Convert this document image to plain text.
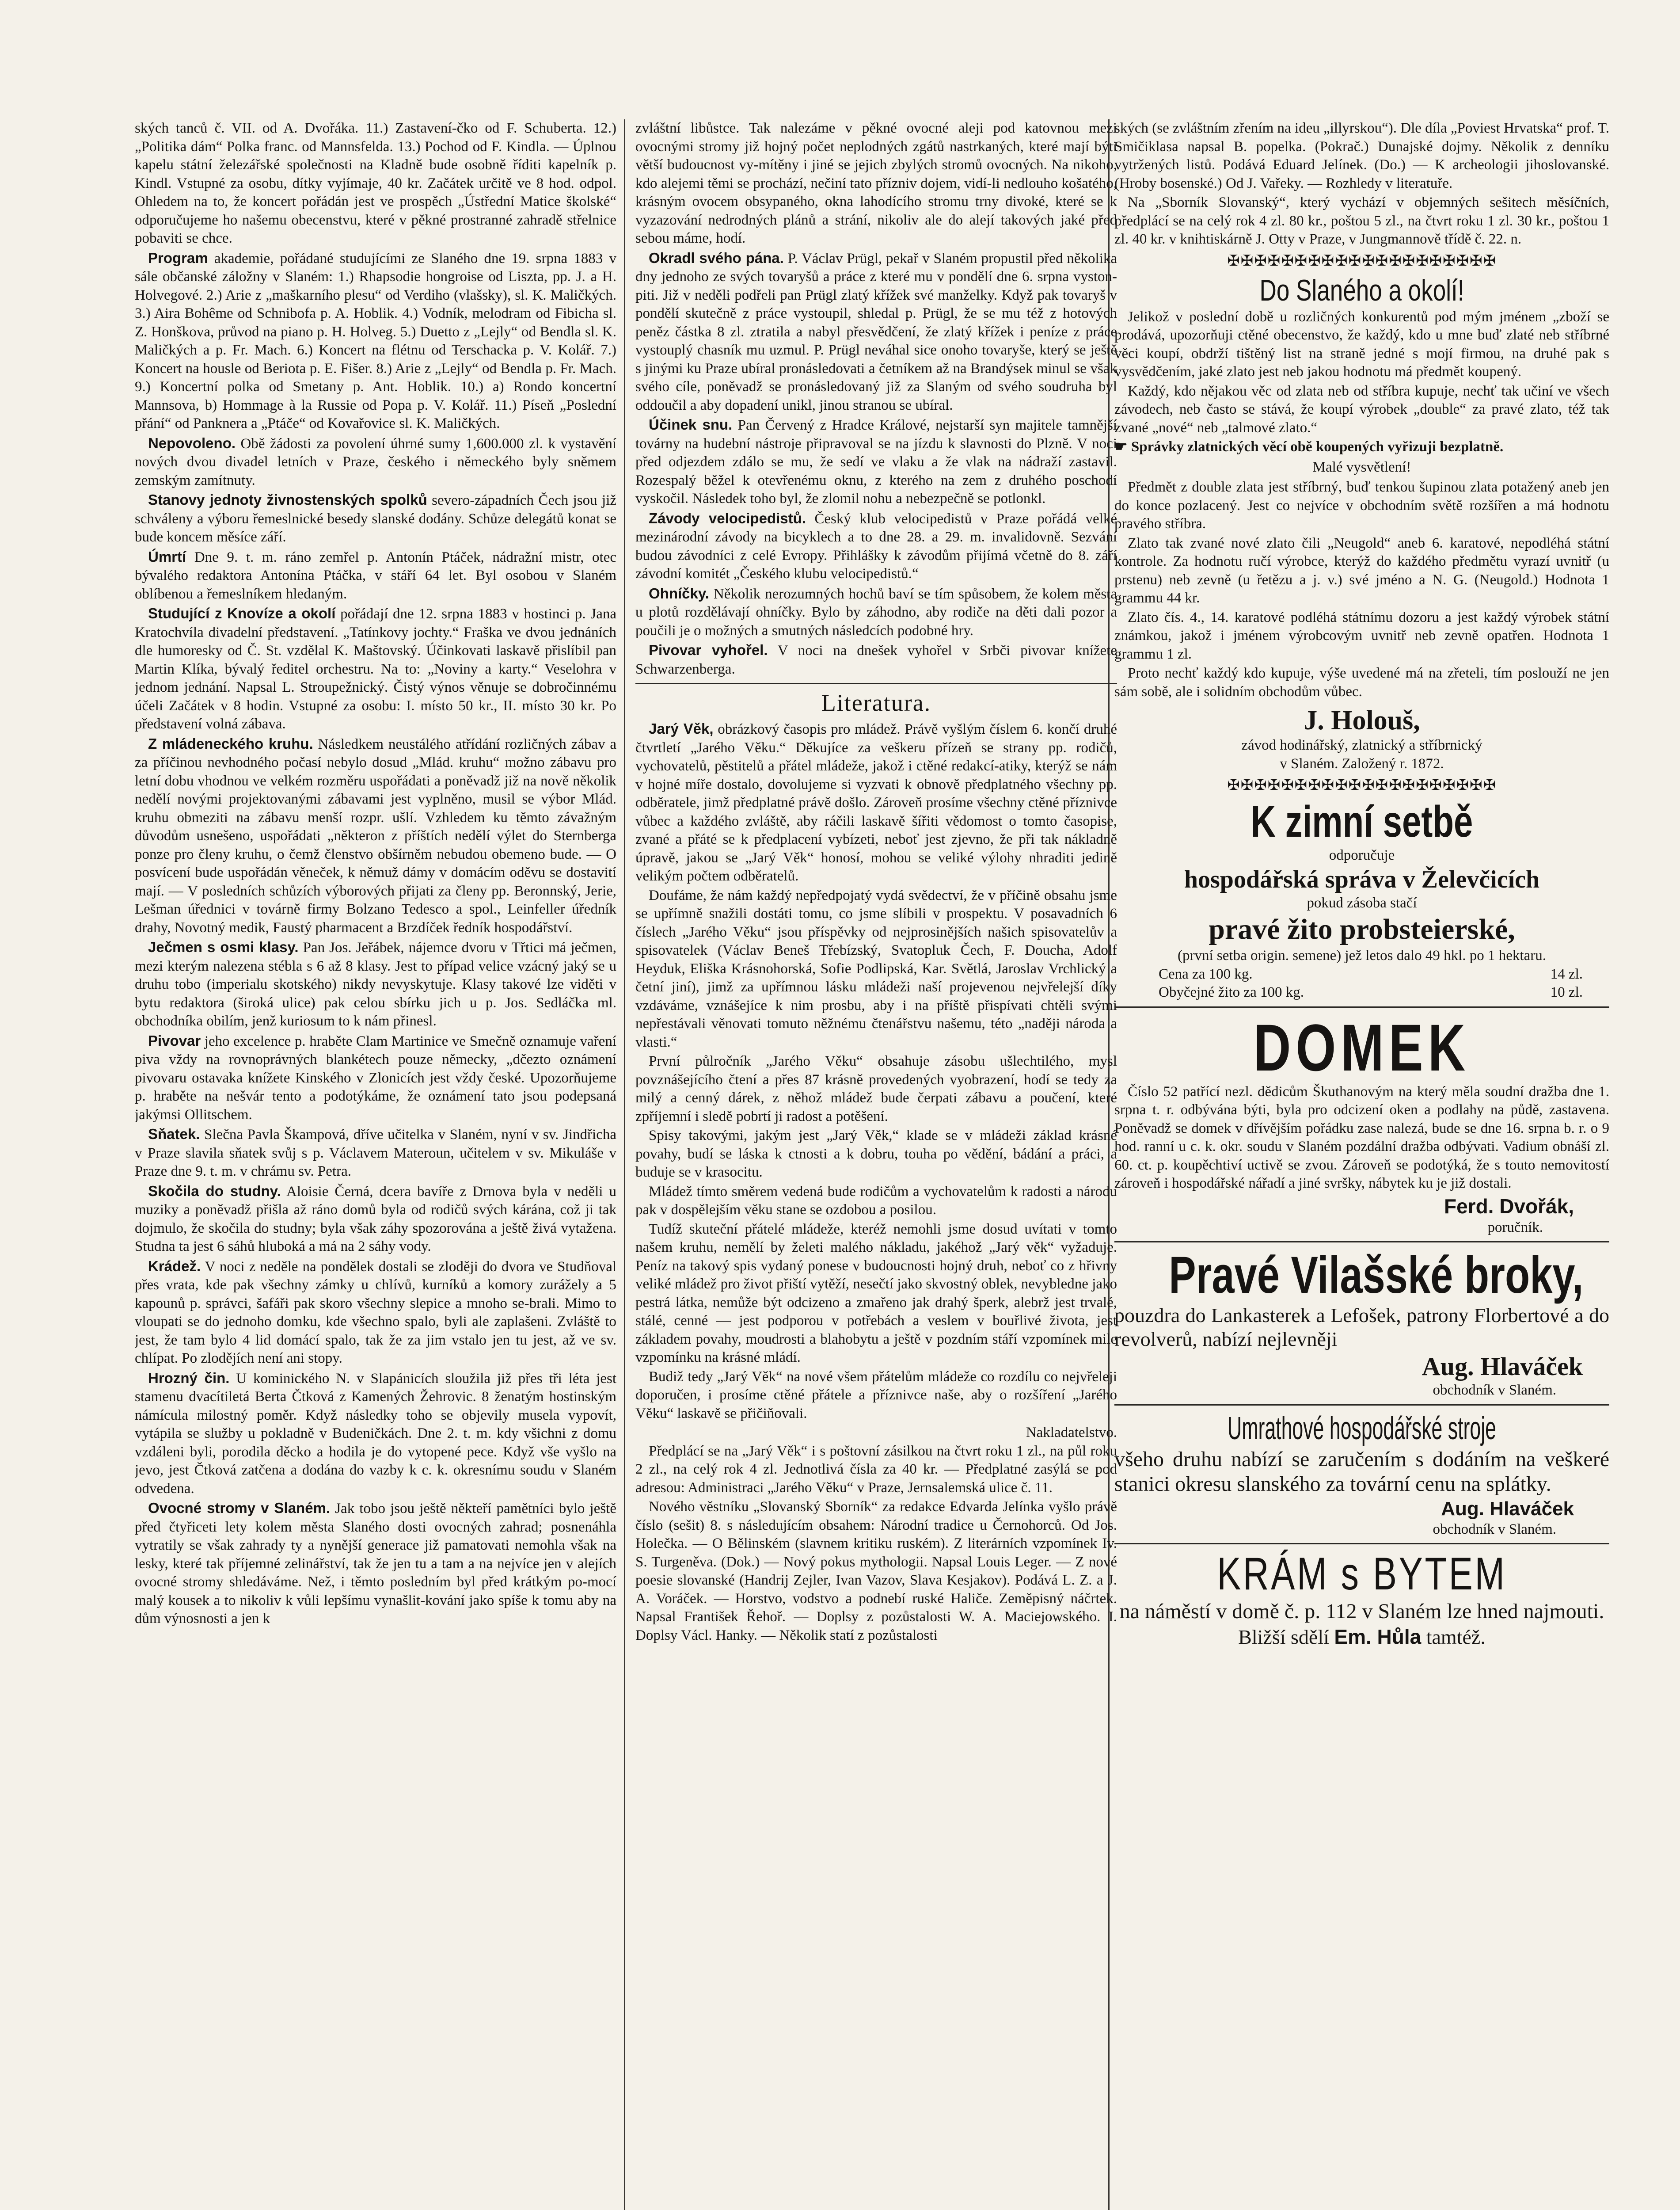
ských tanců č. VII. od A. Dvořáka. 11.) Zastavení-čko od F. Schuberta. 12.) „Politika dám“ Polka franc. od Mannsfelda. 13.) Pochod od F. Kindla. — Úplnou kapelu státní železářské společnosti na Kladně bude osobně říditi kapelník p. Kindl. Vstupné za osobu, dítky vyjímaje, 40 kr. Začátek určitě ve 8 hod. odpol. Ohledem na to, že koncert pořádán jest ve prospěch „Ústřední Matice školské“ odporučujeme ho našemu obecenstvu, které v pěkné prostranné zahradě střelnice pobaviti se chce.

Program akademie, pořádané studujícími ze Slaného dne 19. srpna 1883 v sále občanské záložny v Slaném: 1.) Rhapsodie hongroise od Liszta, pp. J. a H. Holvegové. 2.) Arie z „maškarního plesu“ od Verdiho (vlašsky), sl. K. Maličkých. 3.) Aira Bohême od Schnibofa p. A. Hoblik. 4.) Vodník, melodram od Fibicha sl. Z. Honškova, průvod na piano p. H. Holveg. 5.) Duetto z „Lejly“ od Bendla sl. K. Maličkých a p. Fr. Mach. 6.) Koncert na flétnu od Terschacka p. V. Kolář. 7.) Koncert na housle od Beriota p. E. Fišer. 8.) Arie z „Lejly“ od Bendla p. Fr. Mach. 9.) Koncertní polka od Smetany p. Ant. Hoblik. 10.) a) Rondo koncertní Mannsova, b) Hommage à la Russie od Popa p. V. Kolář. 11.) Píseň „Poslední přání“ od Panknera a „Ptáče“ od Kovařovice sl. K. Maličkých.

Nepovoleno. Obě žádosti za povolení úhrné sumy 1,600.000 zl. k vystavění nových dvou divadel letních v Praze, českého i německého byly sněmem zemským zamítnuty.

Stanovy jednoty živnostenských spolků severo-západních Čech jsou již schváleny a výboru řemeslnické besedy slanské dodány. Schůze delegátů konat se bude koncem měsíce září.

Úmrtí Dne 9. t. m. ráno zemřel p. Antonín Ptáček, nádražní mistr, otec bývalého redaktora Antonína Ptáčka, v stáří 64 let. Byl osobou v Slaném oblíbenou a řemeslníkem hledaným.

Studující z Knovíze a okolí pořádají dne 12. srpna 1883 v hostinci p. Jana Kratochvíla divadelní představení. „Tatínkovy jochty.“ Fraška ve dvou jednáních dle humoresky od Č. St. vzdělal K. Maštovský. Účinkovati laskavě přislíbil pan Martin Klíka, bývalý ředitel orchestru. Na to: „Noviny a karty.“ Veselohra v jednom jednání. Napsal L. Stroupežnický. Čistý výnos věnuje se dobročinnému účeli Začátek v 8 hodin. Vstupné za osobu: I. místo 50 kr., II. místo 30 kr. Po představení volná zábava.

Z mládeneckého kruhu. Následkem neustálého atřídání rozličných zábav a za příčinou nevhodného počasí nebylo dosud „Mlád. kruhu“ možno zábavu pro letní dobu vhodnou ve velkém rozměru uspořádati a poněvadž již na nově několik nedělí novými projektovanými zábavami jest vyplněno, musil se výbor Mlád. kruhu obmeziti na zábavu menší rozpr. ušlí. Vzhledem ku těmto závažným důvodům usnešeno, uspořádati „některon z příštích nedělí výlet do Sternberga ponze pro členy kruhu, o čemž členstvo obšírněm nebudou obemeno bude. — O posvícení bude uspořádán věneček, k němuž dámy v domácím oděvu se dostavití mají. — V posledních schůzích výborových přijati za členy pp. Beronnský, Jerie, Lešman úřednici v továrně firmy Bolzano Tedesco a spol., Leinfeller úředník drahy, Novotný medik, Faustý pharmacent a Brzdíček ředník hospodářství.

Ječmen s osmi klasy. Pan Jos. Jeřábek, nájemce dvoru v Třtici má ječmen, mezi kterým nalezena stébla s 6 až 8 klasy. Jest to případ velice vzácný jaký se u druhu tobo (imperialu skotského) nikdy nevyskytuje. Klasy takové lze viděti v bytu redaktora (široká ulice) pak celou sbírku jich u p. Jos. Sedláčka ml. obchodníka obilím, jenž kuriosum to k nám přinesl.

Pivovar jeho excelence p. hraběte Clam Martinice ve Smečně oznamuje vaření piva vždy na rovnoprávných blankétech pouze německy, „dčezto oznámení pivovaru ostavaka knížete Kinského v Zlonicích jest vždy české. Upozorňujeme p. hraběte na nešvár tento a podotýkáme, že oznámení tato jsou podepsaná jakýmsi Ollitschem.

Sňatek. Slečna Pavla Škampová, dříve učitelka v Slaném, nyní v sv. Jindřicha v Praze slavila sňatek svůj s p. Václavem Materoun, učitelem v sv. Mikuláše v Praze dne 9. t. m. v chrámu sv. Petra.

Skočila do studny. Aloisie Černá, dcera bavíře z Drnova byla v neděli u muziky a poněvadž přišla až ráno domů byla od rodičů svých kárána, což ji tak dojmulo, že skočila do studny; byla však záhy spozorována a ještě živá vytažena. Studna ta jest 6 sáhů hluboká a má na 2 sáhy vody.

Krádež. V noci z neděle na pondělek dostali se zloději do dvora ve Studňoval přes vrata, kde pak všechny zámky u chlívů, kurníků a komory zurážely a 5 kapounů p. správci, šafáři pak skoro všechny slepice a mnoho se-brali. Mimo to vloupati se do jednoho domku, kde všechno spalo, byli ale zaplašeni. Zvláště to jest, že tam bylo 4 lid domácí spalo, tak že za jim vstalo jen tu jest, až ve sv. chlípat. Po zlodějích není ani stopy.

Hrozný čin. U kominického N. v Slapánicích sloužila již přes tři léta jest stamenu dvacítiletá Berta Čtková z Kamených Žehrovic. 8 ženatým hostinským námícula milostný poměr. Když následky toho se objevily musela vypovít, vytápila se služby u pokladně v Budeničkách. Dne 2. t. m. kdy všichni z domu vzdáleni byli, porodila děcko a hodila je do vytopené pece. Když vše vyšlo na jevo, jest Čtková zatčena a dodána do vazby k c. k. okresnímu soudu v Slaném odvedena.

Ovocné stromy v Slaném. Jak tobo jsou ještě někteří pamětníci bylo ještě před čtyřiceti lety kolem města Slaného dosti ovocných zahrad; posnenáhla vytratily se však zahrady ty a nynější generace již pamatovati nemohla však na lesky, které tak příjemné zelinářství, tak že jen tu a tam a na nejvíce jen v alejích ovocné stromy shledáváme. Než, i těmto posledním byl před krátkým po-mocí malý kousek a to nikoliv k vůli lepšímu vynašlit-kování jako spíše k tomu aby na dům výnosnosti a jen k

zvláštní libůstce. Tak nalezáme v pěkné ovocné aleji pod katovnou mezi ovocnými stromy již hojný počet neplodných zgátů nastrkaných, které mají býti větší budoucnost vy-mítěny i jiné se jejich zbylých stromů ovocných. Na nikoho, kdo alejemi těmi se prochází, nečiní tato přízniv dojem, vidí-li nedlouho košatého, krásným ovocem obsypaného, okna lahodícího stromu trny divoké, které se k vyzazování nedrodných plánů a strání, nikoliv ale do alejí takových jaké před sebou máme, hodí.

Okradl svého pána. P. Václav Prügl, pekař v Slaném propustil před několika dny jednoho ze svých tovaryšů a práce z které mu v pondělí dne 6. srpna vyston-piti. Již v neděli podřeli pan Prügl zlatý křížek své manželky. Když pak tovaryš v pondělí skutečně z práce vystoupil, shledal p. Prügl, že se mu též z hotových peněz částka 8 zl. ztratila a nabyl přesvědčení, že zlatý křížek i peníze z práce vystouplý chasník mu uzmul. P. Prügl neváhal sice onoho tovaryše, který se ještě s jinými ku Praze ubíral pronásledovati a četníkem až na Brandýsek minul se však svého cíle, poněvadž se pronásledovaný již za Slaným od svého soudruha byl oddoučil a aby dopadení unikl, jinou stranou se ubíral.

Účinek snu. Pan Červený z Hradce Králové, nejstarší syn majitele tamnější továrny na hudební nástroje připravoval se na jízdu k slavnosti do Plzně. V noci před odjezdem zdálo se mu, že sedí ve vlaku a že vlak na nádraží zastavil. Rozespalý běžel k otevřenému oknu, z kterého na zem z druhého poschodí vyskočil. Následek toho byl, že zlomil nohu a nebezpečně se potlonkl.

Závody velocipedistů. Český klub velocipedistů v Praze pořádá velké mezinárodní závody na bicyklech a to dne 28. a 29. m. invalidovně. Sezvání budou závodníci z celé Evropy. Přihlášky k závodům přijímá včetně do 8. září závodní komitét „Českého klubu velocipedistů.“

Ohníčky. Několik nerozumných hochů baví se tím spůsobem, že kolem města u plotů rozdělávají ohníčky. Bylo by záhodno, aby rodiče na děti dali pozor a poučili je o možných a smutných následcích podobné hry.

Pivovar vyhořel. V noci na dnešek vyhořel v Srbči pivovar knížete Schwarzenberga.

Literatura.

Jarý Věk, obrázkový časopis pro mládež. Právě vyšlým číslem 6. končí druhé čtvrtletí „Jarého Věku.“ Děkujíce za veškeru přízeň se strany pp. rodičů, vychovatelů, pěstitelů a přátel mládeže, jakož i ctěné redakcí-atiky, kterýž se nám v hojné míře dostalo, dovolujeme si vyzvati k obnově předplatného všechny pp. odběratele, jimž předplatné právě došlo. Zároveň prosíme všechny ctěné příznivce vůbec a každého zvláště, aby ráčili laskavě šířiti vědomost o tomto časopise, zvané a přáté se k předplacení vybízeti, neboť jest zjevno, že při tak nákladně úpravě, jakou se „Jarý Věk“ honosí, mohou se veliké výlohy nhraditi jedině velikým počtem odběratelů.

Doufáme, že nám každý nepředpojatý vydá svědectví, že v příčině obsahu jsme se upřímně snažili dostáti tomu, co jsme slíbili v prospektu. V posavadních 6 číslech „Jarého Věku“ jsou příspěvky od nejprosinějších našich spisovatelův a spisovatelek (Václav Beneš Třebízský, Svatopluk Čech, F. Doucha, Adolf Heyduk, Eliška Krásnohorská, Sofie Podlipská, Kar. Světlá, Jaroslav Vrchlický a četní jiní), jimž za upřímnou lásku mládeži naší projevenou nejvřelejší díky vzdáváme, vznášejíce k nim prosbu, aby i na příště přispívati chtěli svými nepřestávali věnovati tomuto něžnému čtenářstvu našemu, této „naději národa a vlasti.“

První půlročník „Jarého Věku“ obsahuje zásobu ušlechtilého, mysl povznášejícího čtení a přes 87 krásně provedených vyobrazení, hodí se tedy za milý a cenný dárek, z něhož mládež bude čerpati zábavu a poučení, které zpříjemní i sledě pobrtí ji radost a potěšení.

Spisy takovými, jakým jest „Jarý Věk,“ klade se v mládeži základ krásné povahy, budí se láska k ctnosti a k dobru, touha po vědění, bádání a práci, a buduje se v krasocitu.

Mládež tímto směrem vedená bude rodičům a vychovatelům k radosti a národu pak v dospělejším věku stane se ozdobou a posilou.

Tudíž skuteční přátelé mládeže, kteréž nemohli jsme dosud uvítati v tomto našem kruhu, nemělí by želeti malého nákladu, jakéhož „Jarý věk“ vyžaduje. Peníz na takový spis vydaný ponese v budoucnosti hojný druh, neboť co z hřivny veliké mládež pro život přiští vytěží, nesečtí jako skvostný oblek, nevybledne jako pestrá látka, nemůže být odcizeno a zmařeno jak drahý šperk, alebrž jest trvalé, stálé, cenné — jest podporou v potřebách a veslem v bouřlivé života, jest základem povahy, moudrosti a blahobytu a ještě v pozdním stáří vzpomínek mile vzpomínku na krásné mládí.

Budiž tedy „Jarý Věk“ na nové všem přátelům mládeže co rozdílu co nejvřeleji doporučen, i prosíme ctěné přátele a příznivce naše, aby o rozšíření „Jarého Věku“ laskavě se přičiňovali.

Nakladatelstvo.

Předplácí se na „Jarý Věk“ i s poštovní zásilkou na čtvrt roku 1 zl., na půl roku 2 zl., na celý rok 4 zl. Jednotlivá čísla za 40 kr. — Předplatné zasýlá se pod adresou: Administraci „Jarého Věku“ v Praze, Jernsalemská ulice č. 11.

Nového věstníku „Slovanský Sborník“ za redakce Edvarda Jelínka vyšlo právě číslo (sešit) 8. s následujícím obsahem: Národní tradice u Černohorců. Od Jos. Holečka. — O Bělinském (slavnem kritiku ruském). Z literárních vzpomínek Iv. S. Turgeněva. (Dok.) — Nový pokus mythologii. Napsal Louis Leger. — Z nové poesie slovanské (Handrij Zejler, Ivan Vazov, Slava Kesjakov). Podává L. Z. a J. A. Voráček. — Horstvo, vodstvo a podnebí ruské Haliče. Zeměpisný náčrtek. Napsal František Řehoř. — Doplsy z pozůstalosti W. A. Maciejowského. I. Doplsy Václ. Hanky. — Několik statí z pozůstalosti

ských (se zvláštním zřením na ideu „illyrskou“). Dle díla „Poviest Hrvatska“ prof. T. Smičiklasa napsal B. popelka. (Pokrač.) Dunajské dojmy. Několik z denníku vytržených listů. Podává Eduard Jelínek. (Do.) — K archeologii jihoslovanské. (Hroby bosenské.) Od J. Vařeky. — Rozhledy v literatuře.

Na „Sborník Slovanský“, který vychází v objemných sešitech měsíčních, předplácí se na celý rok 4 zl. 80 kr., poštou 5 zl., na čtvrt roku 1 zl. 30 kr., poštou 1 zl. 40 kr. v knihtiskárně J. Otty v Praze, v Jungmannově třídě č. 22. n.

✠✠✠✠✠✠✠✠✠✠✠✠✠✠✠✠✠✠✠✠
Do Slaného a okolí!

Jelikož v poslední době u rozličných konkurentů pod mým jménem „zboží se prodává, upozorňuji ctěné obecenstvo, že každý, kdo u mne buď zlaté neb stříbrné věci koupí, obdrží tištěný list na straně jedné s mojí firmou, na druhé pak s vysvědčením, jaké zlato jest neb jakou hodnotu má předmět koupený.

Každý, kdo nějakou věc od zlata neb od stříbra kupuje, nechť tak učiní ve všech závodech, neb často se stává, že koupí výrobek „double“ za pravé zlato, též tak zvané „nové“ neb „talmové zlato.“

☛ Správky zlatnických věcí obě koupených vyřizuji bezplatně.

Malé vysvětlení!

Předmět z double zlata jest stříbrný, buď tenkou šupinou zlata potažený aneb jen do konce pozlacený. Jest co nejvíce v obchodním světě rozšířen a má hodnotu pravého stříbra.

Zlato tak zvané nové zlato čili „Neugold“ aneb 6. karatové, nepodléhá státní kontrole. Za hodnotu ručí výrobce, kterýž do každého předmětu vyrazí uvnitř (u prstenu) neb zevně (u řetězu a j. v.) své jméno a N. G. (Neugold.) Hodnota 1 grammu 44 kr.

Zlato čís. 4., 14. karatové podléhá státnímu dozoru a jest každý výrobek státní známkou, jakož i jménem výrobcovým uvnitř neb zevně opatřen. Hodnota 1 grammu 1 zl.

Proto nechť každý kdo kupuje, výše uvedené má na zřeteli, tím poslouží ne jen sám sobě, ale i solidním obchodům vůbec.

J. Holouš,
závod hodinářský, zlatnický a stříbrnický
v Slaném. Založený r. 1872.
✠✠✠✠✠✠✠✠✠✠✠✠✠✠✠✠✠✠✠✠
K zimní setbě
odporučuje
hospodářská správa v Želevčicích
pokud zásoba stačí
pravé žito probsteierské,
(první setba origin. semene) jež letos dalo 49 hkl. po 1 hektaru.
Cena za 100 kg.	14 zl.
Obyčejné žito za 100 kg.	10 zl.
DOMEK

Číslo 52 patřící nezl. dědicům Škuthanovým na který měla soudní dražba dne 1. srpna t. r. odbývána býti, byla pro odcizení oken a podlahy na půdě, zastavena. Poněvadž se domek v dřívějším pořádku zase nalezá, bude se dne 16. srpna b. r. o 9 hod. ranní u c. k. okr. soudu v Slaném pozdální dražba odbývati. Vadium obnáší zl. 60. ct. p. koupěchtiví uctivě se zvou. Zároveň se podotýká, že s touto nemovitostí zároveň i hospodářské nářadí a jiné svršky, nábytek ku je již dostali.

Ferd. Dvořák,
poručník.
Pravé Vilašské broky,

pouzdra do Lankasterek a Lefošek, patrony Florbertové a do revolverů, nabízí nejlevněji

Aug. Hlaváček
obchodník v Slaném.
Umrathové hospodářské stroje

všeho druhu nabízí se zaručením s dodáním na veškeré stanici okresu slanského za tovární cenu na splátky.

Aug. Hlaváček
obchodník v Slaném.
KRÁM s BYTEM

na náměstí v domě č. p. 112 v Slaném lze hned najmouti.

Bližší sdělí Em. Hůla tamtéž.
